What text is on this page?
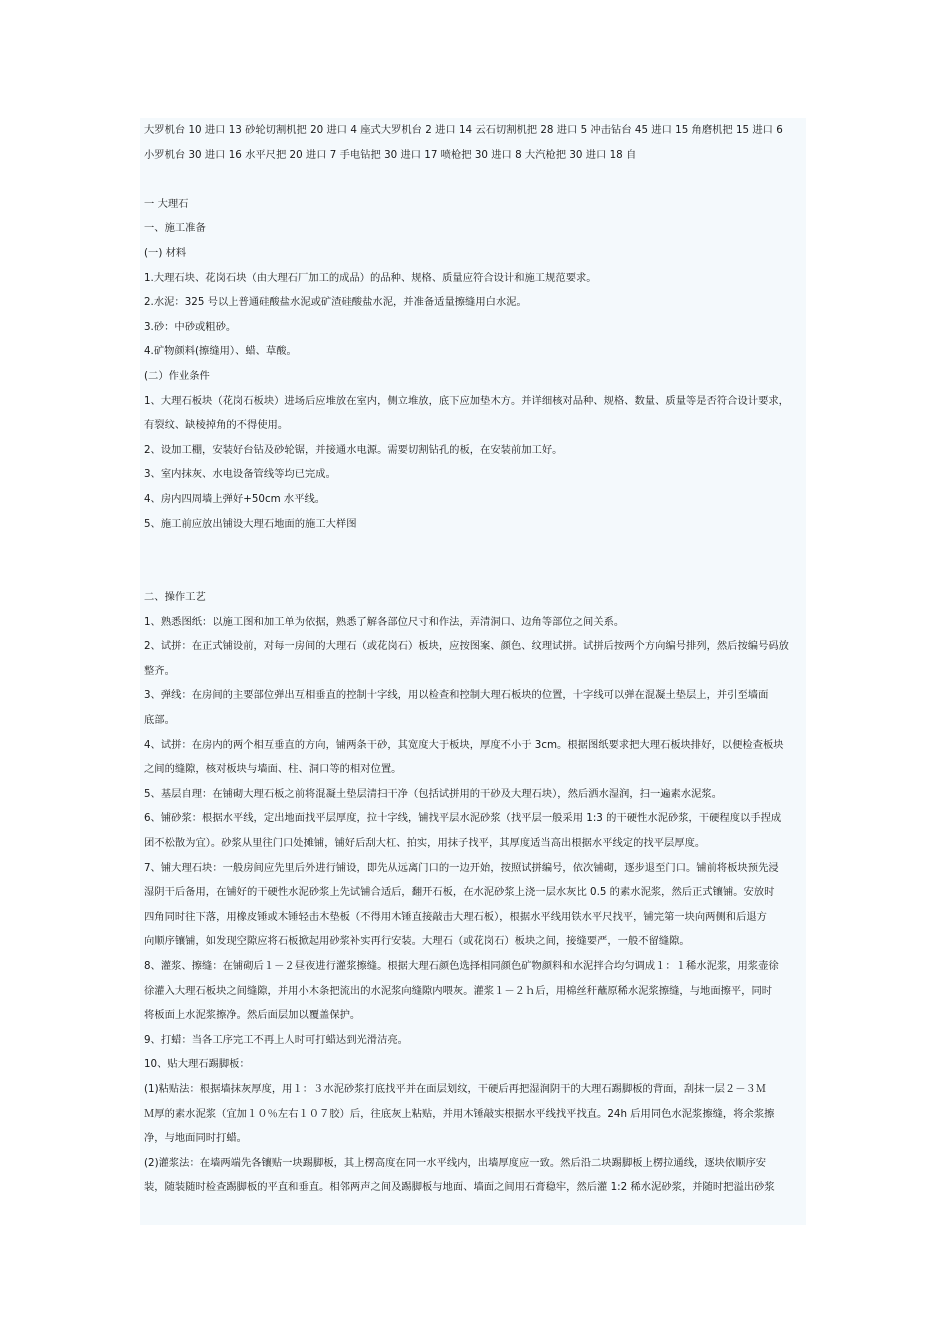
大罗机台 10 进口 13 砂轮切割机把 20 进口 4 座式大罗机台 2 进口 14 云石切割机把 28 进口 5 冲击钻台 45 进口 15 角磨机把 15 进口 6
小罗机台 30 进口 16 水平尺把 20 进口 7 手电钻把 30 进口 17 喷枪把 30 进口 8 大汽枪把 30 进口 18 自
一 大理石
一、施工准备
(一) 材料
1.大理石块、花岗石块（由大理石厂加工的成品）的品种、规格、质量应符合设计和施工规范要求。
2.水泥：325 号以上普通硅酸盐水泥或矿渣硅酸盐水泥，并准备适量擦缝用白水泥。
3.砂：中砂或粗砂。
4.矿物颜料(擦缝用）、蜡、草酸。
(二）作业条件
1、大理石板块（花岗石板块）进场后应堆放在室内，侧立堆放，底下应加垫木方。并详细核对品种、规格、数量、质量等是否符合设计要求，
有裂纹、缺棱掉角的不得使用。
2、设加工棚，安装好台钻及砂轮锯，并接通水电源。需要切割钻孔的板，在安装前加工好。
3、室内抹灰、水电设备管线等均已完成。
4、房内四周墙上弹好+50cm 水平线。
5、施工前应放出铺设大理石地面的施工大样图
二、操作工艺
1、熟悉图纸：以施工图和加工单为依据，熟悉了解各部位尺寸和作法，弄清洞口、边角等部位之间关系。
2、试拼：在正式铺设前，对每一房间的大理石（或花岗石）板块，应按图案、颜色、纹理试拼。试拼后按两个方向编号排列，然后按编号码放
整齐。
3、弹线：在房间的主要部位弹出互相垂直的控制十字线，用以检查和控制大理石板块的位置，十字线可以弹在混凝土垫层上，并引至墙面
底部。
4、试拼：在房内的两个相互垂直的方向，铺两条干砂，其宽度大于板块，厚度不小于 3cm。根据图纸要求把大理石板块排好，以便检查板块
之间的缝隙，核对板块与墙面、柱、洞口等的相对位置。
5、基层自理：在铺砌大理石板之前将混凝土垫层清扫干净（包括试拼用的干砂及大理石块），然后洒水湿润，扫一遍素水泥浆。
6、铺砂浆：根据水平线，定出地面找平层厚度，拉十字线，铺找平层水泥砂浆（找平层一般采用 1:3 的干硬性水泥砂浆，干硬程度以手捏成
团不松散为宜）。砂浆从里往门口处摊铺，铺好后刮大杠、拍实，用抹子找平，其厚度适当高出根据水平线定的找平层厚度。
7、铺大理石块：一般房间应先里后外进行铺设，即先从远离门口的一边开始，按照试拼编号，依次铺砌，逐步退至门口。铺前将板块预先浸
湿阴干后备用，在铺好的干硬性水泥砂浆上先试铺合适后，翻开石板，在水泥砂浆上浇一层水灰比 0.5 的素水泥浆，然后正式镶铺。安放时
四角同时往下落，用橡皮锤或木锤轻击木垫板（不得用木锤直接敲击大理石板），根据水平线用铁水平尺找平，铺完第一块向两侧和后退方
向顺序镶铺，如发现空隙应将石板掀起用砂浆补实再行安装。大理石（或花岗石）板块之间，接缝要严，一般不留缝隙。
8、灌浆、擦缝：在铺砌后１－２昼夜进行灌浆擦缝。根据大理石颜色选择相同颜色矿物颜料和水泥拌合均匀调成１：１稀水泥浆，用浆壶徐
徐灌入大理石板块之间缝隙，并用小木条把流出的水泥浆向缝隙内喂灰。灌浆１－２ｈ后，用棉丝秆蘸原稀水泥浆擦缝，与地面擦平，同时
将板面上水泥浆擦净。然后面层加以覆盖保护。
9、打蜡：当各工序完工不再上人时可打蜡达到光滑洁亮。
10、贴大理石踢脚板：
(1)粘贴法：根据墙抹灰厚度，用１：３水泥砂浆打底找平并在面层划纹，干硬后再把湿润阴干的大理石踢脚板的背面，刮抹一层２－３Ｍ
Ｍ厚的素水泥浆（宜加１０％左右１０７胶）后，往底灰上粘贴，并用木锤敲实根据水平线找平找直。24h 后用同色水泥浆擦缝，将余浆擦
净，与地面同时打蜡。
(2)灌浆法：在墙两端先各镶贴一块踢脚板，其上楞高度在同一水平线内，出墙厚度应一致。然后沿二块踢脚板上楞拉通线，逐块依顺序安
装，随装随时检查踢脚板的平直和垂直。相邻两声之间及踢脚板与地面、墙面之间用石膏稳牢，然后灌 1:2 稀水泥砂浆，并随时把溢出砂浆
